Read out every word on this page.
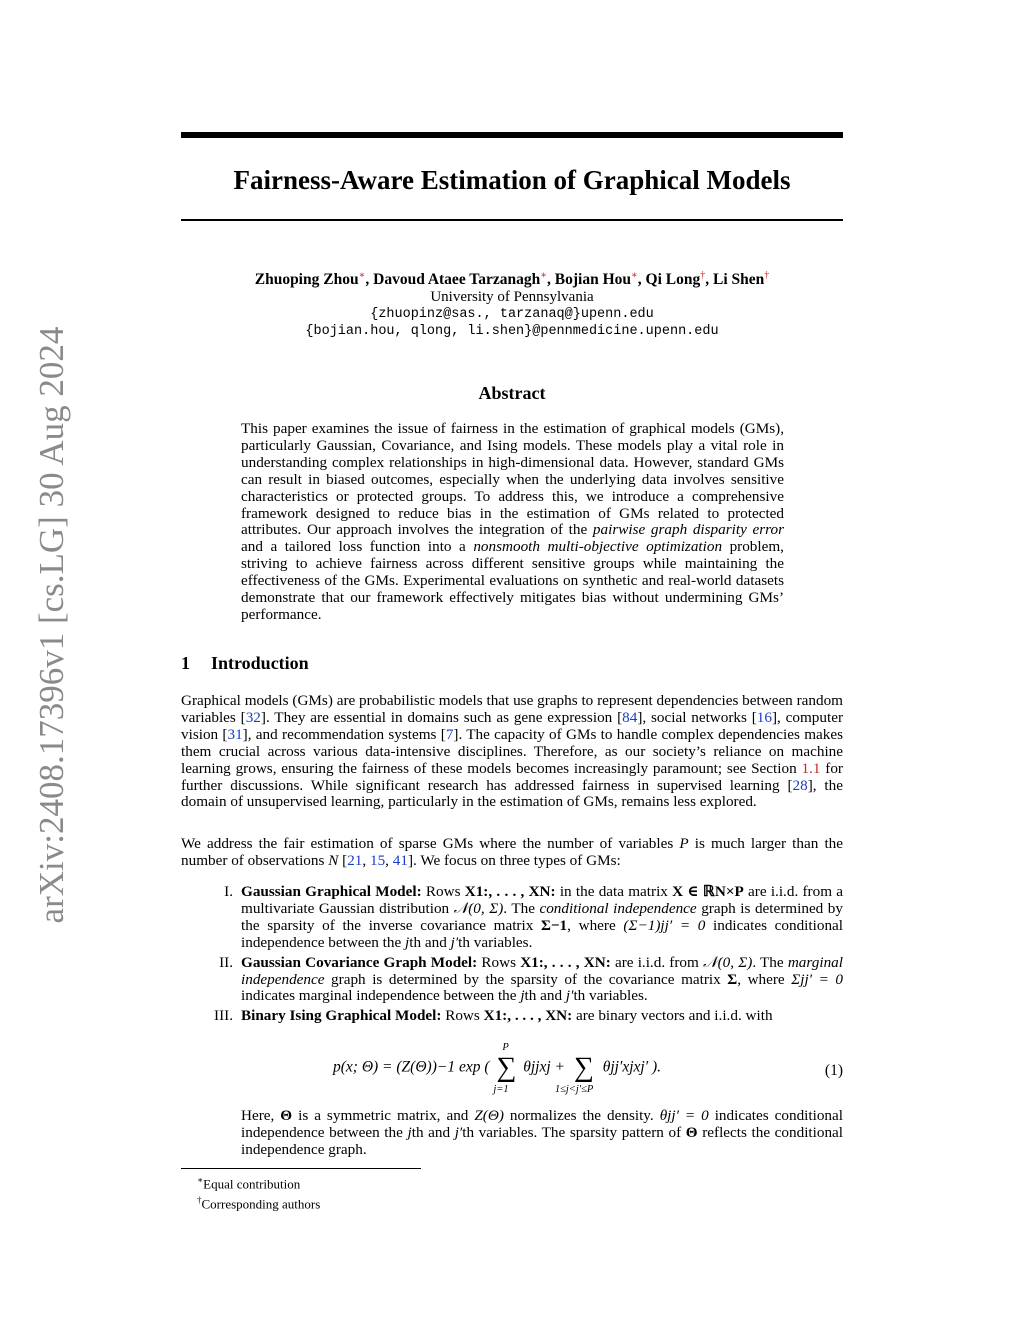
arXiv:2408.17396v1 [cs.LG] 30 Aug 2024
Fairness-Aware Estimation of Graphical Models
Zhuoping Zhou∗, Davoud Ataee Tarzanagh∗, Bojian Hou∗, Qi Long†, Li Shen†
University of Pennsylvania
{zhuopinz@sas., tarzanaq@}upenn.edu
{bojian.hou, qlong, li.shen}@pennmedicine.upenn.edu
Abstract

This paper examines the issue of fairness in the estimation of graphical models (GMs), particularly Gaussian, Covariance, and Ising models. These models play a vital role in understanding complex relationships in high-dimensional data. However, standard GMs can result in biased outcomes, especially when the underlying data involves sensitive characteristics or protected groups. To address this, we introduce a comprehensive framework designed to reduce bias in the estimation of GMs related to protected attributes. Our approach involves the integration of the pairwise graph disparity error and a tailored loss function into a nonsmooth multi-objective optimization problem, striving to achieve fairness across different sensitive groups while maintaining the effectiveness of the GMs. Experimental evaluations on synthetic and real-world datasets demonstrate that our framework effectively mitigates bias without undermining GMs’ performance.

1 Introduction

Graphical models (GMs) are probabilistic models that use graphs to represent dependencies between random variables [32]. They are essential in domains such as gene expression [84], social networks [16], computer vision [31], and recommendation systems [7]. The capacity of GMs to handle complex dependencies makes them crucial across various data-intensive disciplines. Therefore, as our society’s reliance on machine learning grows, ensuring the fairness of these models becomes increasingly paramount; see Section 1.1 for further discussions. While significant research has addressed fairness in supervised learning [28], the domain of unsupervised learning, particularly in the estimation of GMs, remains less explored.

We address the fair estimation of sparse GMs where the number of variables P is much larger than the number of observations N [21, 15, 41]. We focus on three types of GMs:

I. Gaussian Graphical Model: Rows X1:, . . . , XN: in the data matrix X ∈ ℝN×P are i.i.d. from a multivariate Gaussian distribution 𝒩(0, Σ). The conditional independence graph is determined by the sparsity of the inverse covariance matrix Σ−1, where (Σ−1)jj′ = 0 indicates conditional independence between the jth and j′th variables.
II. Gaussian Covariance Graph Model: Rows X1:, . . . , XN: are i.i.d. from 𝒩(0, Σ). The marginal independence graph is determined by the sparsity of the covariance matrix Σ, where Σjj′ = 0 indicates marginal independence between the jth and j′th variables.
III. Binary Ising Graphical Model: Rows X1:, . . . , XN: are binary vectors and i.i.d. with
p(x; Θ) = (Z(Θ))−1 exp (
P
∑
j=1
θjjxj + ∑
1≤j<j′≤P
θjj′xjxj′ ).	(1)

Here, Θ is a symmetric matrix, and Z(Θ) normalizes the density. θjj′ = 0 indicates conditional independence between the jth and j′th variables. The sparsity pattern of Θ reflects the conditional independence graph.

∗Equal contribution
†Corresponding authors
